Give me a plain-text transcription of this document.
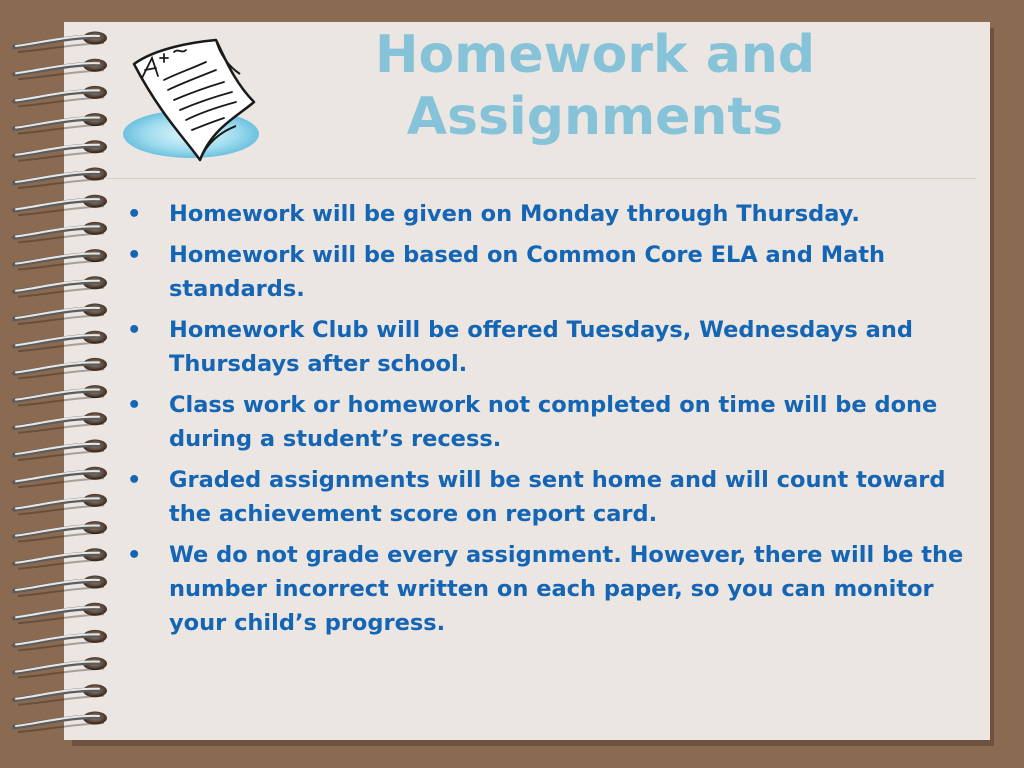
Homework and
Assignments
• Homework will be given on Monday through Thursday.
• Homework will be based on Common Core ELA and Math standards.
• Homework Club will be offered Tuesdays, Wednesdays and Thursdays after school.
• Class work or homework not completed on time will be done during a student’s recess.
• Graded assignments will be sent home and will count toward the achievement score on report card.
• We do not grade every assignment. However, there will be the number incorrect written on each paper, so you can monitor your child’s progress.
